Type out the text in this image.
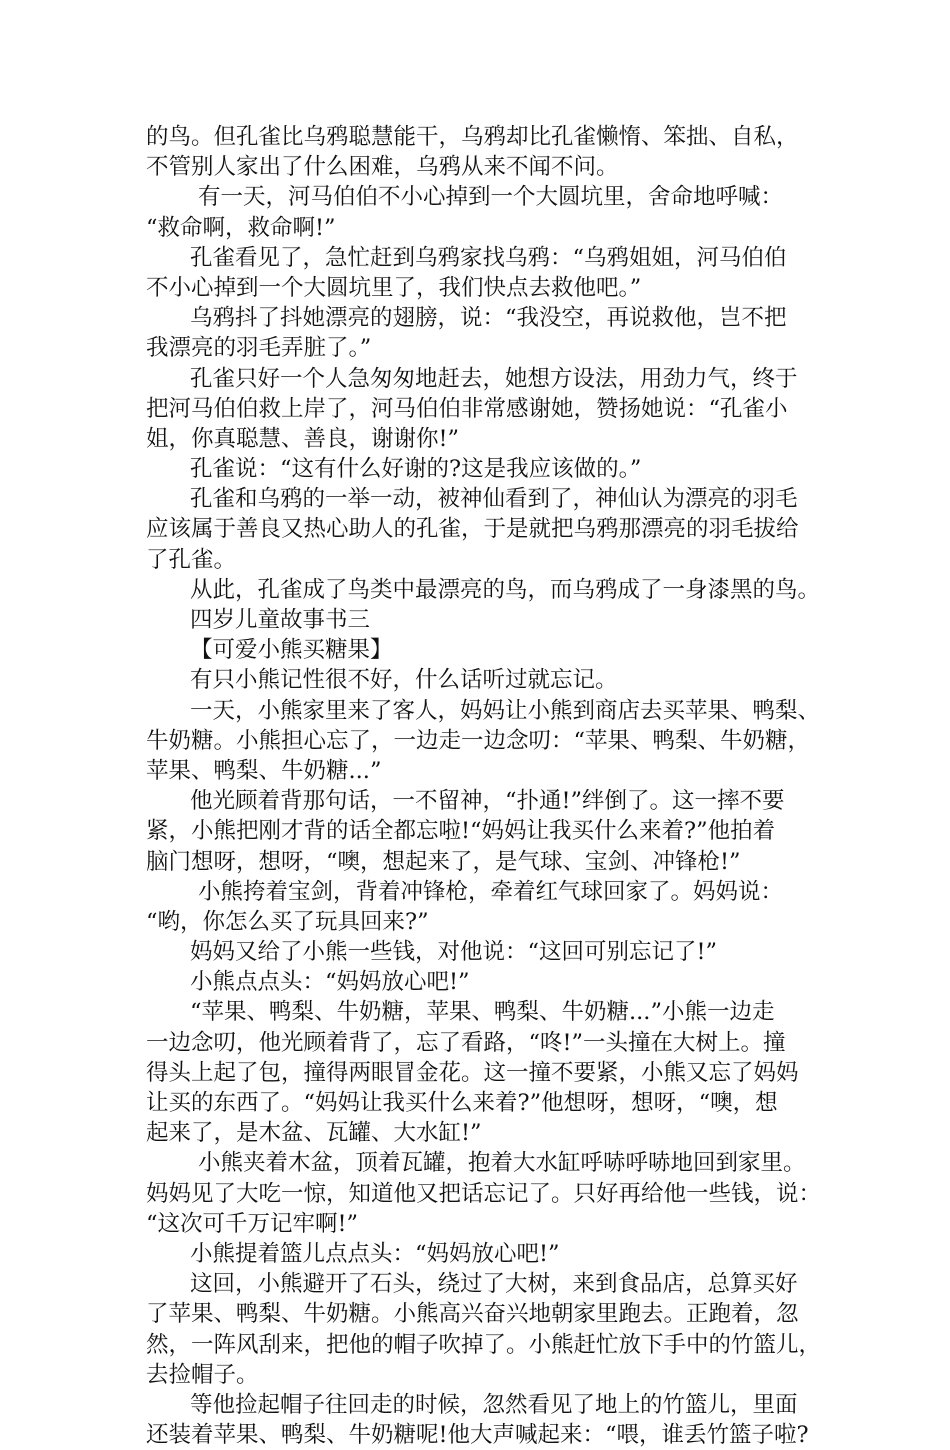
的鸟。但孔雀比乌鸦聪慧能干，乌鸦却比孔雀懒惰、笨拙、自私，
不管别人家出了什么困难，乌鸦从来不闻不问。
有一天，河马伯伯不小心掉到一个大圆坑里，舍命地呼喊：
“救命啊，救命啊!”
孔雀看见了，急忙赶到乌鸦家找乌鸦：“乌鸦姐姐，河马伯伯
不小心掉到一个大圆坑里了，我们快点去救他吧。”
乌鸦抖了抖她漂亮的翅膀，说：“我没空，再说救他，岂不把
我漂亮的羽毛弄脏了。”
孔雀只好一个人急匆匆地赶去，她想方设法，用劲力气，终于
把河马伯伯救上岸了，河马伯伯非常感谢她，赞扬她说：“孔雀小
姐，你真聪慧、善良，谢谢你!”
孔雀说：“这有什么好谢的?这是我应该做的。”
孔雀和乌鸦的一举一动，被神仙看到了，神仙认为漂亮的羽毛
应该属于善良又热心助人的孔雀，于是就把乌鸦那漂亮的羽毛拔给
了孔雀。
从此，孔雀成了鸟类中最漂亮的鸟，而乌鸦成了一身漆黑的鸟。
四岁儿童故事书三
【可爱小熊买糖果】
有只小熊记性很不好，什么话听过就忘记。
一天，小熊家里来了客人，妈妈让小熊到商店去买苹果、鸭梨、
牛奶糖。小熊担心忘了，一边走一边念叨：“苹果、鸭梨、牛奶糖，
苹果、鸭梨、牛奶糖...”
他光顾着背那句话，一不留神，“扑通!”绊倒了。这一摔不要
紧，小熊把刚才背的话全都忘啦!“妈妈让我买什么来着?”他拍着
脑门想呀，想呀，“噢，想起来了，是气球、宝剑、冲锋枪!”
小熊挎着宝剑，背着冲锋枪，牵着红气球回家了。妈妈说：
“哟，你怎么买了玩具回来?”
妈妈又给了小熊一些钱，对他说：“这回可别忘记了!”
小熊点点头：“妈妈放心吧!”
“苹果、鸭梨、牛奶糖，苹果、鸭梨、牛奶糖...”小熊一边走
一边念叨，他光顾着背了，忘了看路，“咚!”一头撞在大树上。撞
得头上起了包，撞得两眼冒金花。这一撞不要紧，小熊又忘了妈妈
让买的东西了。“妈妈让我买什么来着?”他想呀，想呀，“噢，想
起来了，是木盆、瓦罐、大水缸!”
小熊夹着木盆，顶着瓦罐，抱着大水缸呼哧呼哧地回到家里。
妈妈见了大吃一惊，知道他又把话忘记了。只好再给他一些钱，说：
“这次可千万记牢啊!”
小熊提着篮儿点点头：“妈妈放心吧!”
这回，小熊避开了石头，绕过了大树，来到食品店，总算买好
了苹果、鸭梨、牛奶糖。小熊高兴奋兴地朝家里跑去。正跑着，忽
然，一阵风刮来，把他的帽子吹掉了。小熊赶忙放下手中的竹篮儿，
去捡帽子。
等他捡起帽子往回走的时候，忽然看见了地上的竹篮儿，里面
还装着苹果、鸭梨、牛奶糖呢!他大声喊起来：“喂，谁丢竹篮子啦?
